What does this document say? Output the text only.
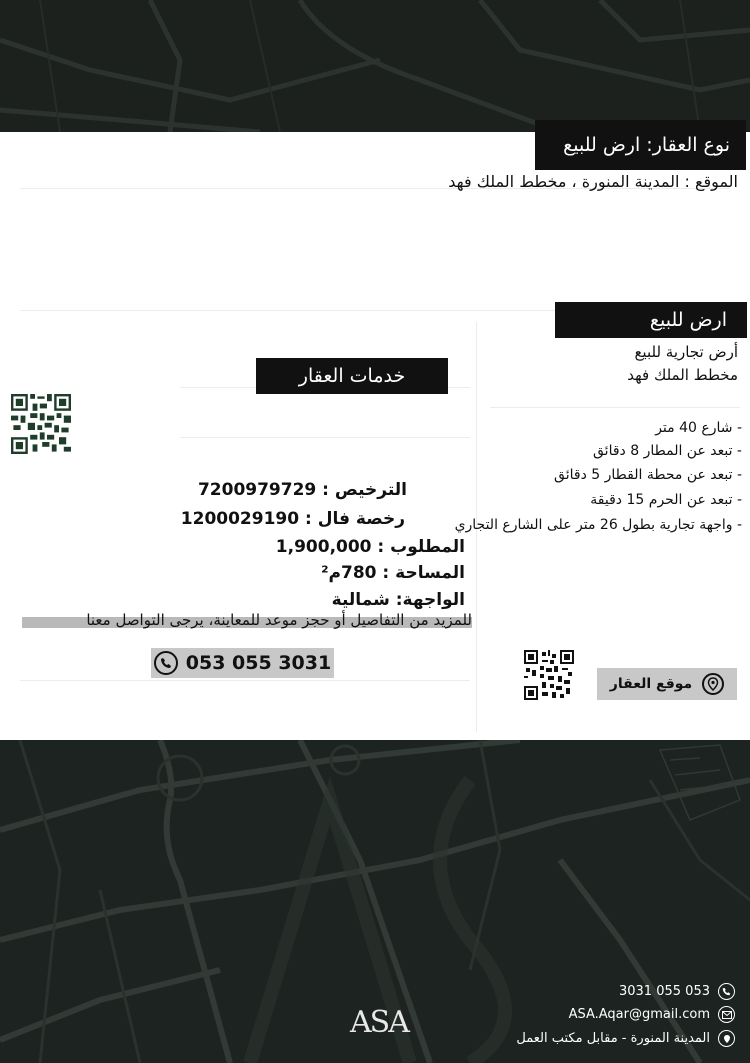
نوع العقار: ارض للبيع
الموقع : المدينة المنورة ، مخطط الملك فهد
ارض للبيع
أرض تجارية للبيع
مخطط الملك فهد
- شارع 40 متر
- تبعد عن المطار 8 دقائق
- تبعد عن محطة القطار 5 دقائق
- تبعد عن الحرم 15 دقيقة
- واجهة تجارية بطول 26 متر على الشارع التجاري
موقع العقار
خدمات العقار
الترخيص : 7200979729
رخصة فال : 1200029190
المطلوب : 1,900,000
المساحة : 780م²
الواجهة: شمالية
للمزيد من التفاصيل أو حجز موعد للمعاينة، يرجى التواصل معنا
053 055 3031
053 055 3031
ASA.Aqar@gmail.com
المدينة المنورة - مقابل مكتب العمل
ASA
